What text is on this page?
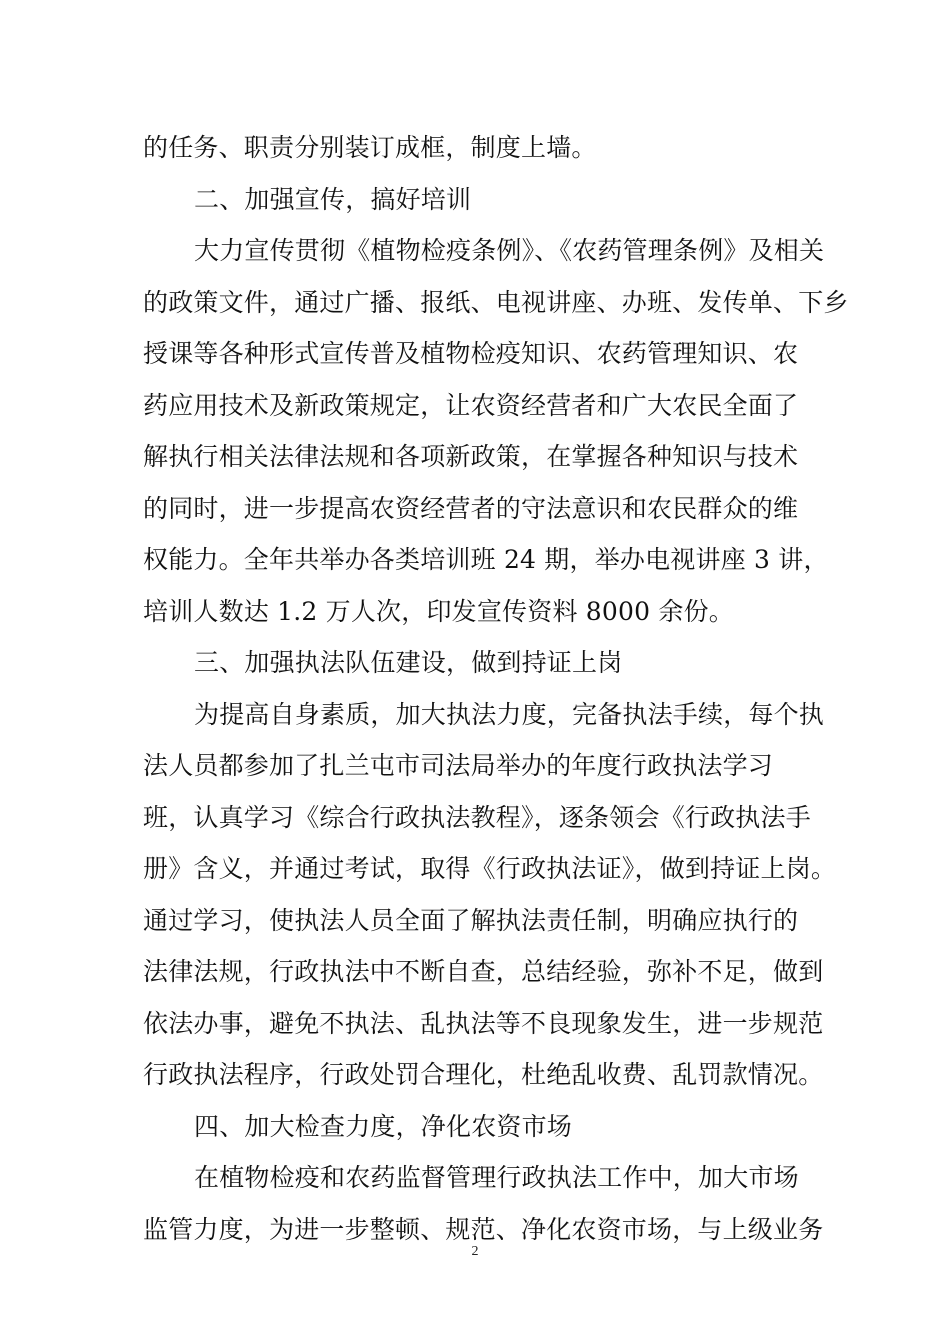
的任务、职责分别装订成框，制度上墙。
二、加强宣传，搞好培训
大力宣传贯彻《植物检疫条例》、《农药管理条例》及相关
的政策文件，通过广播、报纸、电视讲座、办班、发传单、下乡
授课等各种形式宣传普及植物检疫知识、农药管理知识、农
药应用技术及新政策规定，让农资经营者和广大农民全面了
解执行相关法律法规和各项新政策，在掌握各种知识与技术
的同时，进一步提高农资经营者的守法意识和农民群众的维
权能力。全年共举办各类培训班 24 期，举办电视讲座 3 讲，
培训人数达 1.2 万人次，印发宣传资料 8000 余份。
三、加强执法队伍建设，做到持证上岗
为提高自身素质，加大执法力度，完备执法手续，每个执
法人员都参加了扎兰屯市司法局举办的年度行政执法学习
班，认真学习《综合行政执法教程》，逐条领会《行政执法手
册》含义，并通过考试，取得《行政执法证》，做到持证上岗。
通过学习，使执法人员全面了解执法责任制，明确应执行的
法律法规，行政执法中不断自查，总结经验，弥补不足，做到
依法办事，避免不执法、乱执法等不良现象发生，进一步规范
行政执法程序，行政处罚合理化，杜绝乱收费、乱罚款情况。
四、加大检查力度，净化农资市场
在植物检疫和农药监督管理行政执法工作中，加大市场
监管力度，为进一步整顿、规范、净化农资市场，与上级业务
2
